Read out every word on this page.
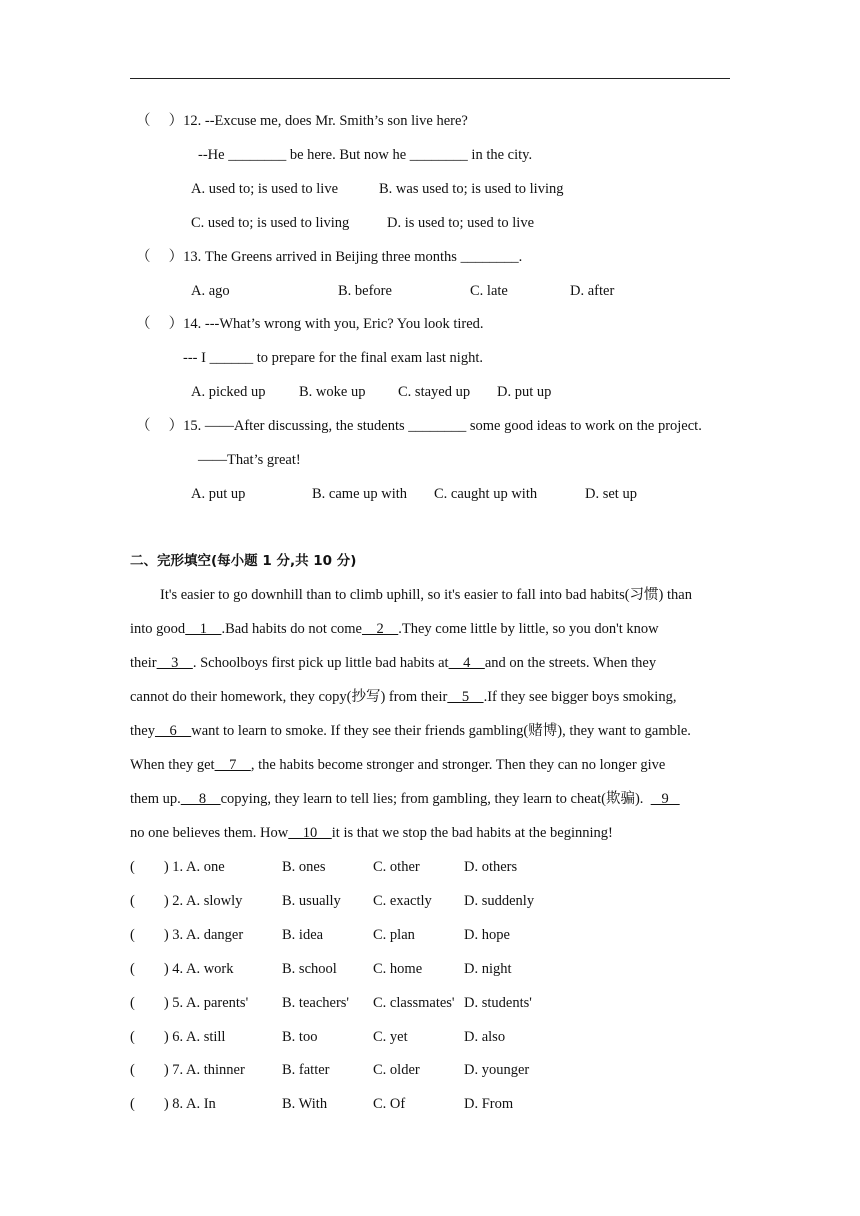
（　 ）12. --Excuse me, does Mr. Smith’s son live here?
--He ________ be here. But now he ________ in the city.
A. used to; is used to live	B. was used to; is used to living
C. used to; is used to living	D. is used to; used to live
（　 ）13. The Greens arrived in Beijing three months ________.
A. ago	B. before	C. late	D. after
（　 ）14. ---What’s wrong with you, Eric? You look tired.
--- I ______ to prepare for the final exam last night.
A. picked up B. woke up C. stayed up D. put up
（　 ）15. ——After discussing, the students ________ some good ideas to work on the project.
——That’s great!
A. put up	B. came up with C. caught up with	D. set up
二、完形填空(每小题 1 分,共 10 分)
It's easier to go downhill than to climb uphill, so it's easier to fall into bad habits(习惯) than
into good    1    .Bad habits do not come    2    .They come little by little, so you don't know
their    3    . Schoolboys first pick up little bad habits at    4    and on the streets. When they
cannot do their homework, they copy(抄写) from their    5    .If they see bigger boys smoking,
they    6    want to learn to smoke. If they see their friends gambling(赌博), they want to gamble.
When they get    7    , the habits become stronger and stronger. Then they can no longer give
them up.     8    copying, they learn to tell lies; from gambling, they learn to cheat(欺骗).     9
no one believes them. How    10    it is that we stop the bad habits at the beginning!
(        ) 1. A. one	B. ones	C. other	D. others
(        ) 2. A. slowly	B. usually C. exactly D. suddenly
(        ) 3. A. danger	B. idea	C. plan	D. hope
(        ) 4. A. work	B. school C. home	D. night
(        ) 5. A. parents' B. teachers' C. classmates' D. students'
(        ) 6. A. still	B. too	C. yet	D. also
(        ) 7. A. thinner	B. fatter	C. older	D. younger
(        ) 8. A. In	B. With	C. Of	D. From
